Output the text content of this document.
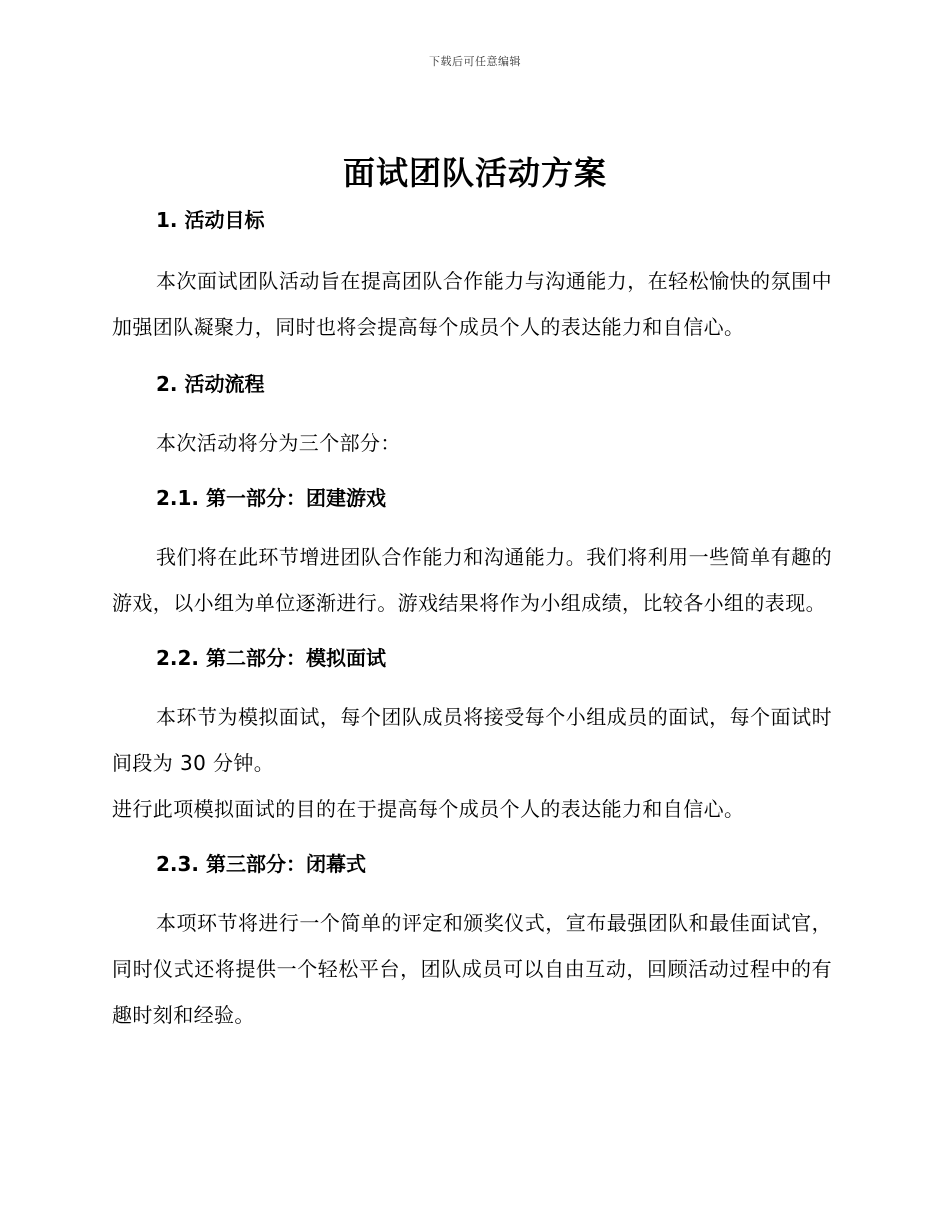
下载后可任意编辑
面试团队活动方案
1. 活动目标

本次面试团队活动旨在提高团队合作能力与沟通能力，在轻松愉快的氛围中加强团队凝聚力，同时也将会提高每个成员个人的表达能力和自信心。

2. 活动流程

本次活动将分为三个部分：

2.1. 第一部分：团建游戏

我们将在此环节增进团队合作能力和沟通能力。我们将利用一些简单有趣的游戏，以小组为单位逐渐进行。游戏结果将作为小组成绩，比较各小组的表现。

2.2. 第二部分：模拟面试

本环节为模拟面试，每个团队成员将接受每个小组成员的面试，每个面试时间段为 30 分钟。

进行此项模拟面试的目的在于提高每个成员个人的表达能力和自信心。

2.3. 第三部分：闭幕式

本项环节将进行一个简单的评定和颁奖仪式，宣布最强团队和最佳面试官，同时仪式还将提供一个轻松平台，团队成员可以自由互动，回顾活动过程中的有趣时刻和经验。
